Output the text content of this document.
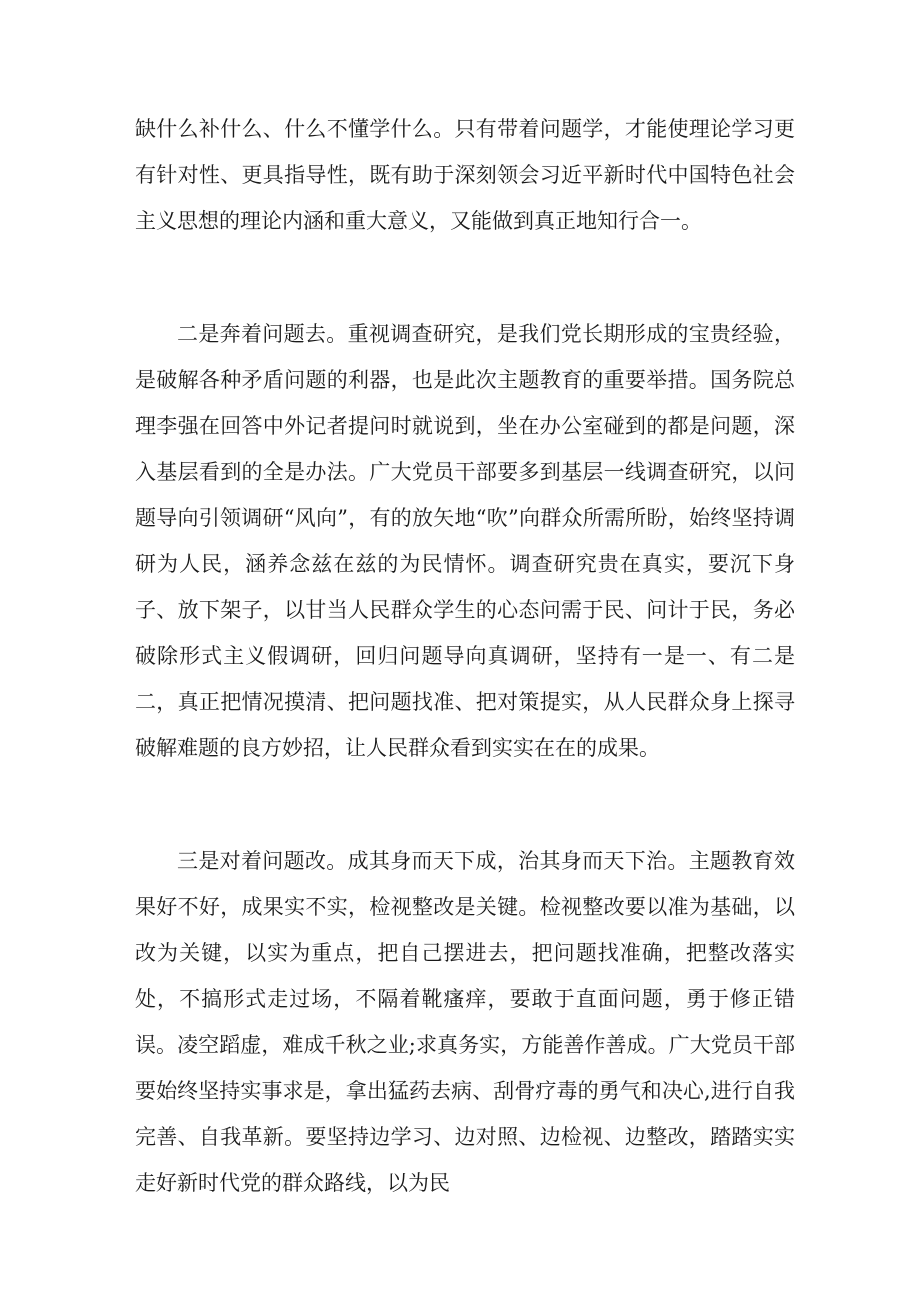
缺什么补什么、什么不懂学什么。只有带着问题学，才能使理论学习更有针对性、更具指导性，既有助于深刻领会习近平新时代中国特色社会主义思想的理论内涵和重大意义，又能做到真正地知行合一。

二是奔着问题去。重视调查研究，是我们党长期形成的宝贵经验，是破解各种矛盾问题的利器，也是此次主题教育的重要举措。国务院总理李强在回答中外记者提问时就说到，坐在办公室碰到的都是问题，深入基层看到的全是办法。广大党员干部要多到基层一线调查研究，以问题导向引领调研“风向”，有的放矢地“吹”向群众所需所盼，始终坚持调研为人民，涵养念兹在兹的为民情怀。调查研究贵在真实，要沉下身子、放下架子，以甘当人民群众学生的心态问需于民、问计于民，务必破除形式主义假调研，回归问题导向真调研，坚持有一是一、有二是二，真正把情况摸清、把问题找准、把对策提实，从人民群众身上探寻破解难题的良方妙招，让人民群众看到实实在在的成果。

三是对着问题改。成其身而天下成，治其身而天下治。主题教育效果好不好，成果实不实，检视整改是关键。检视整改要以准为基础，以改为关键，以实为重点，把自己摆进去，把问题找准确，把整改落实处，不搞形式走过场，不隔着靴瘙痒，要敢于直面问题，勇于修正错误。凌空蹈虚，难成千秋之业;求真务实，方能善作善成。广大党员干部要始终坚持实事求是，拿出猛药去病、刮骨疗毒的勇气和决心,进行自我完善、自我革新。要坚持边学习、边对照、边检视、边整改，踏踏实实走好新时代党的群众路线，以为民
